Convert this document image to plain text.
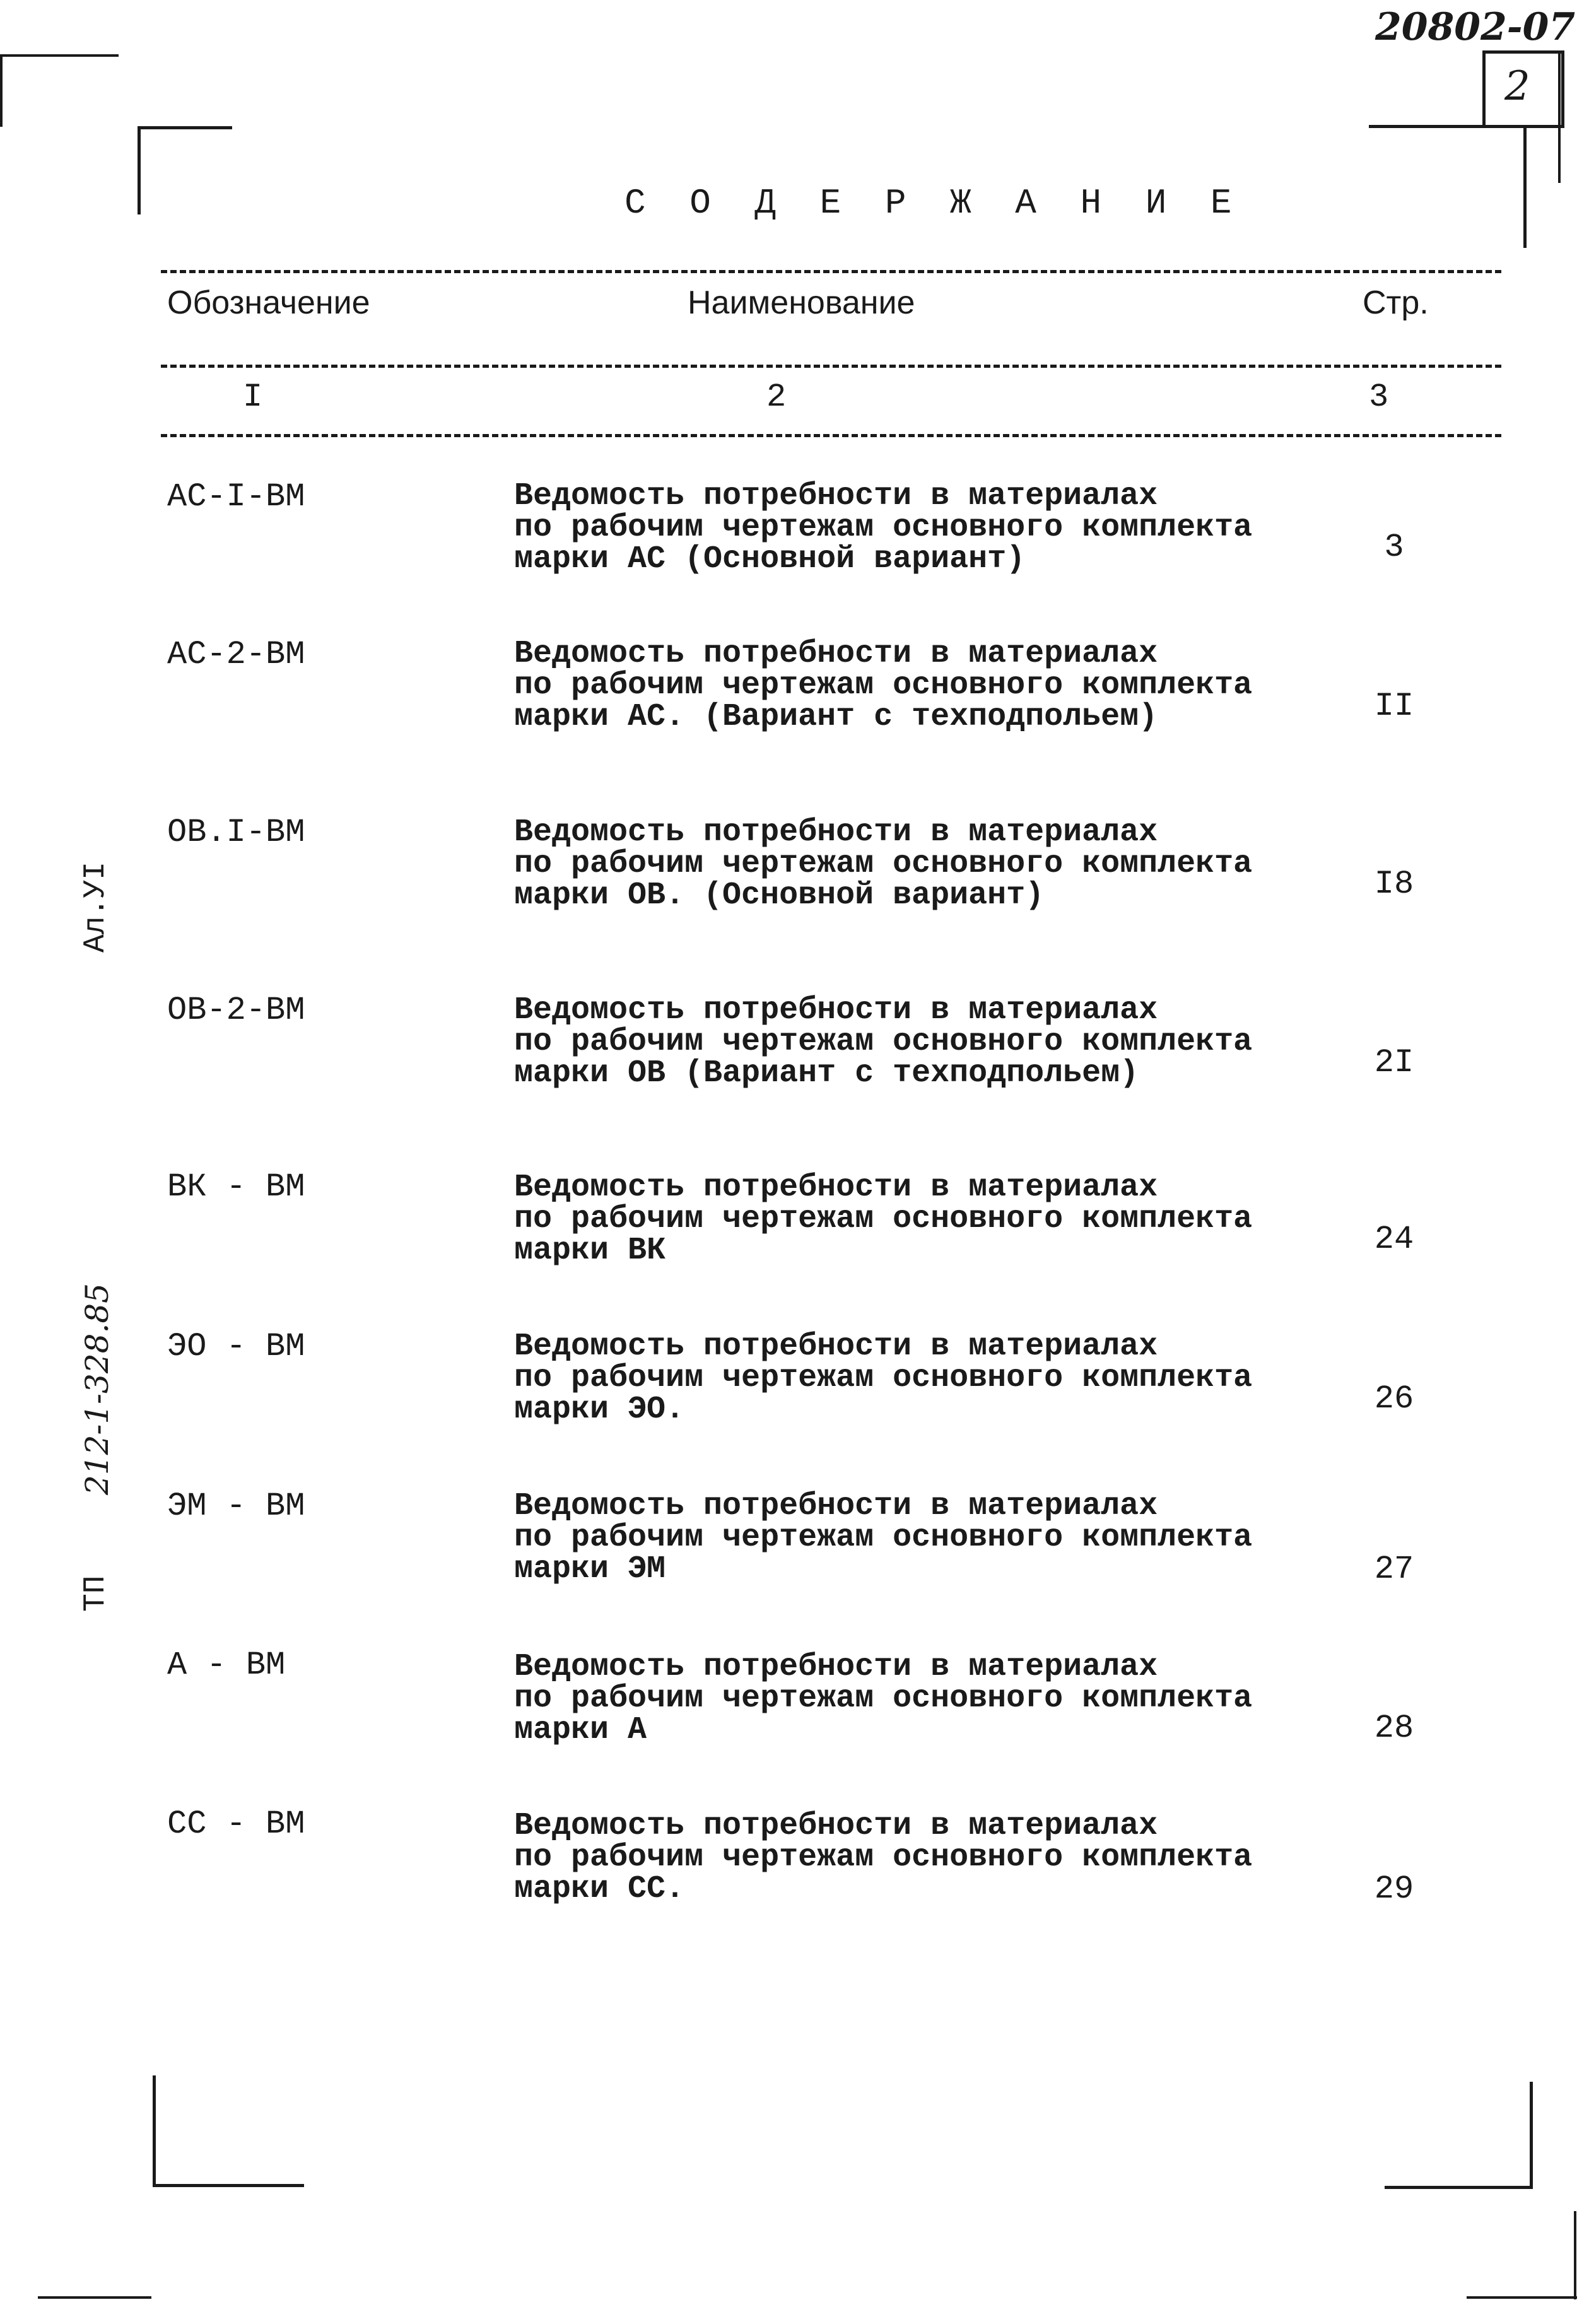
20802-07
2
С О Д Е Р Ж А Н И Е
Обозначение	Наименование	Стр.
I	2	3
АС-I-ВМ	Ведомость потребности в материалах
по рабочим чертежам основного комплекта
марки АС (Основной вариант)	3
АС-2-ВМ	Ведомость потребности в материалах
по рабочим чертежам основного комплекта
марки АС. (Вариант с техподпольем)	II
ОВ.I-ВМ	Ведомость потребности в материалах
по рабочим чертежам основного комплекта
марки ОВ. (Основной вариант)	I8
ОВ-2-ВМ	Ведомость потребности в материалах
по рабочим чертежам основного комплекта
марки ОВ (Вариант с техподпольем)	2I
ВК - ВМ	Ведомость потребности в материалах
по рабочим чертежам основного комплекта
марки ВК	24
ЭО - ВМ	Ведомость потребности в материалах
по рабочим чертежам основного комплекта
марки ЭО.	26
ЭМ - ВМ	Ведомость потребности в материалах
по рабочим чертежам основного комплекта
марки ЭМ	27
А - ВМ	Ведомость потребности в материалах
по рабочим чертежам основного комплекта
марки А	28
СС - ВМ	Ведомость потребности в материалах
по рабочим чертежам основного комплекта
марки СС.	29
Ал.УI
212-1-328.85
ТП
